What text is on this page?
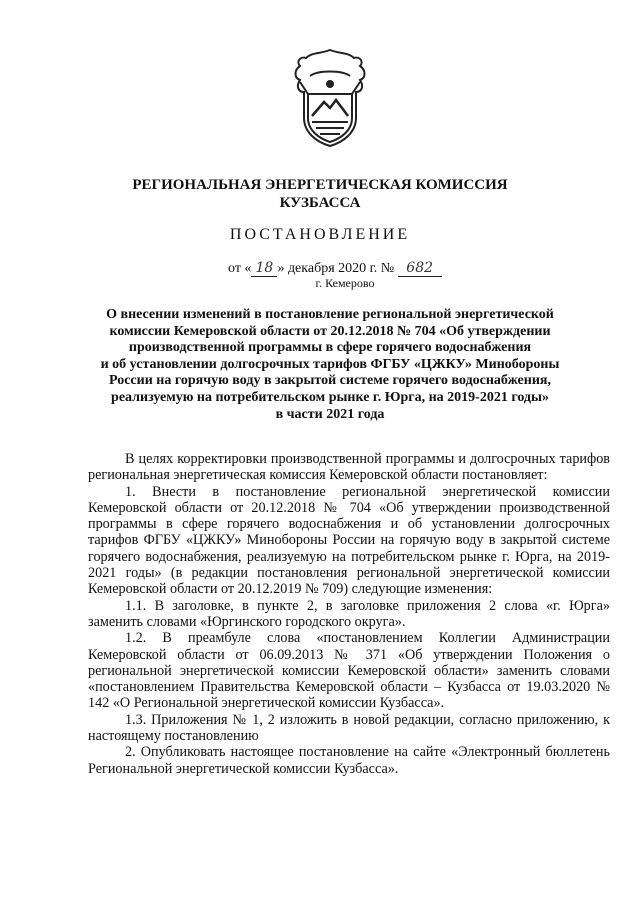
РЕГИОНАЛЬНАЯ ЭНЕРГЕТИЧЕСКАЯ КОМИССИЯ
КУЗБАССА
ПОСТАНОВЛЕНИЕ
от « 18 » декабря 2020 г. № 682
г. Кемерово
О внесении изменений в постановление региональной энергетической
комиссии Кемеровской области от 20.12.2018 № 704 «Об утверждении
производственной программы в сфере горячего водоснабжения
и об установлении долгосрочных тарифов ФГБУ «ЦЖКУ» Минобороны
России на горячую воду в закрытой системе горячего водоснабжения,
реализуемую на потребительском рынке г. Юрга, на 2019-2021 годы»
в части 2021 года

В целях корректировки производственной программы и долгосрочных тарифов региональная энергетическая комиссия Кемеровской области постановляет:

1. Внести в постановление региональной энергетической комиссии Кемеровской области от 20.12.2018 № 704 «Об утверждении производственной программы в сфере горячего водоснабжения и об установлении долгосрочных тарифов ФГБУ «ЦЖКУ» Минобороны России на горячую воду в закрытой системе горячего водоснабжения, реализуемую на потребительском рынке г. Юрга, на 2019-2021 годы» (в редакции постановления региональной энергетической комиссии Кемеровской области от 20.12.2019 № 709) следующие изменения:

1.1. В заголовке, в пункте 2, в заголовке приложения 2 слова «г. Юрга» заменить словами «Юргинского городского округа».

1.2. В преамбуле слова «постановлением Коллегии Администрации Кемеровской области от 06.09.2013 № 371 «Об утверждении Положения о региональной энергетической комиссии Кемеровской области» заменить словами «постановлением Правительства Кемеровской области – Кузбасса от 19.03.2020 № 142 «О Региональной энергетической комиссии Кузбасса».

1.3. Приложения № 1, 2 изложить в новой редакции, согласно приложению, к настоящему постановлению

2. Опубликовать настоящее постановление на сайте «Электронный бюллетень Региональной энергетической комиссии Кузбасса».
